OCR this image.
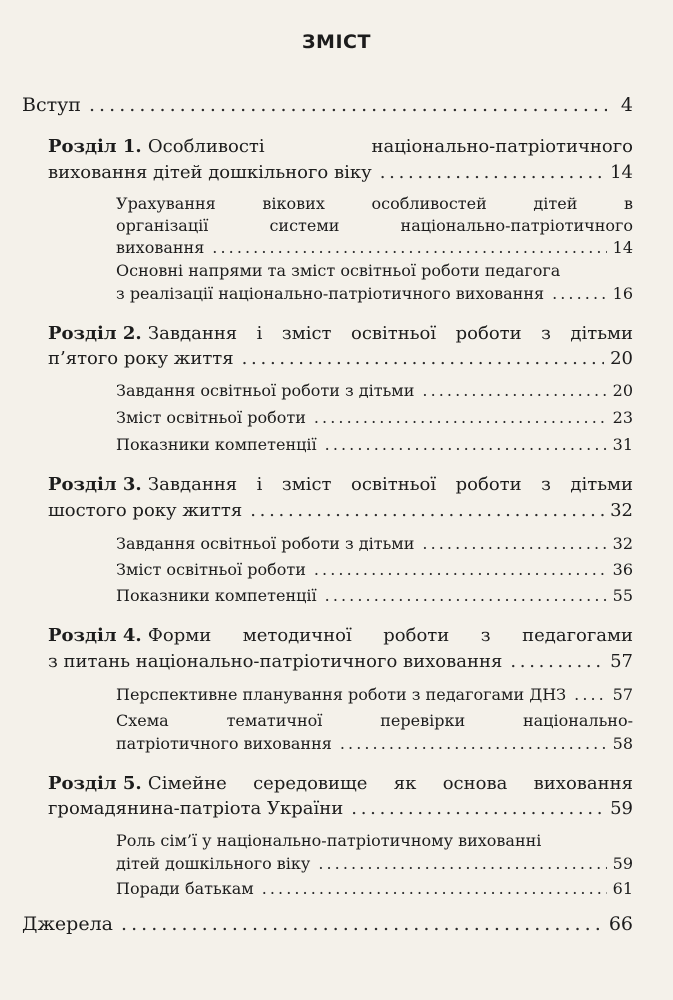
ЗМІСТ
Вступ . . .	4
Розділ 1. Особливості національно-патріотичного
виховання дітей дошкільного віку . . .	14
Урахування вікових особливостей дітей в
організації системи національно-патріотичного
виховання . . .	14
Основні напрями та зміст освітньої роботи педагога
з реалізації національно-патріотичного виховання . . .	16
Розділ 2. Завдання і зміст освітньої роботи з дітьми
п’ятого року життя . . .	20
Завдання освітньої роботи з дітьми . . .	20
Зміст освітньої роботи . . .	23
Показники компетенції . . .	31
Розділ 3. Завдання і зміст освітньої роботи з дітьми
шостого року життя . . .	32
Завдання освітньої роботи з дітьми . . .	32
Зміст освітньої роботи . . .	36
Показники компетенції . . .	55
Розділ 4. Форми методичної роботи з педагогами
з питань національно-патріотичного виховання . . .	57
Перспективне планування роботи з педагогами ДНЗ . . .	57
Схема тематичної перевірки національно-
патріотичного виховання . . .	58
Розділ 5. Сімейне середовище як основа виховання
громадянина-патріота України . . .	59
Роль сім’ї у національно-патріотичному вихованні
дітей дошкільного віку . . .	59
Поради батькам . . .	61
Джерела . . .	66
